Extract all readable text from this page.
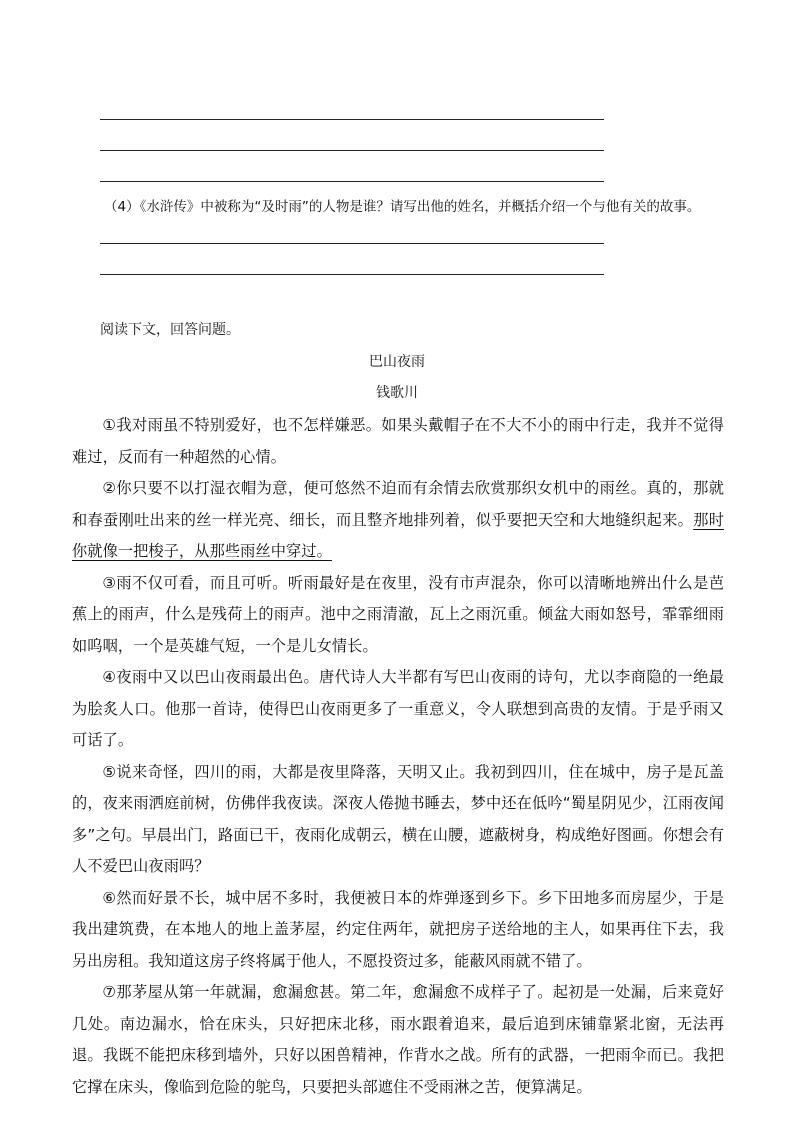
（4）《水浒传》中被称为“及时雨”的人物是谁？请写出他的姓名，并概括介绍一个与他有关的故事。
阅读下文，回答问题。
巴山夜雨
钱歌川

①我对雨虽不特别爱好，也不怎样嫌恶。如果头戴帽子在不大不小的雨中行走，我并不觉得难过，反而有一种超然的心情。

②你只要不以打湿衣帽为意，便可悠然不迫而有余情去欣赏那织女机中的雨丝。真的，那就和春蚕刚吐出来的丝一样光亮、细长，而且整齐地排列着，似乎要把天空和大地缝织起来。那时你就像一把梭子，从那些雨丝中穿过。

③雨不仅可看，而且可听。听雨最好是在夜里，没有市声混杂，你可以清晰地辨出什么是芭蕉上的雨声，什么是残荷上的雨声。池中之雨清澈，瓦上之雨沉重。倾盆大雨如怒号，霏霏细雨如呜咽，一个是英雄气短，一个是儿女情长。

④夜雨中又以巴山夜雨最出色。唐代诗人大半都有写巴山夜雨的诗句，尤以李商隐的一绝最为脍炙人口。他那一首诗，使得巴山夜雨更多了一重意义，令人联想到高贵的友情。于是乎雨又可话了。

⑤说来奇怪，四川的雨，大都是夜里降落，天明又止。我初到四川，住在城中，房子是瓦盖的，夜来雨洒庭前树，仿佛伴我夜读。深夜人倦抛书睡去，梦中还在低吟“蜀星阴见少，江雨夜闻多”之句。早晨出门，路面已干，夜雨化成朝云，横在山腰，遮蔽树身，构成绝好图画。你想会有人不爱巴山夜雨吗？

⑥然而好景不长，城中居不多时，我便被日本的炸弹逐到乡下。乡下田地多而房屋少，于是我出建筑费，在本地人的地上盖茅屋，约定住两年，就把房子送给地的主人，如果再住下去，我另出房租。我知道这房子终将属于他人，不愿投资过多，能蔽风雨就不错了。

⑦那茅屋从第一年就漏，愈漏愈甚。第二年，愈漏愈不成样子了。起初是一处漏，后来竟好几处。南边漏水，恰在床头，只好把床北移，雨水跟着追来，最后追到床铺靠紧北窗，无法再退。我既不能把床移到墙外，只好以困兽精神，作背水之战。所有的武器，一把雨伞而已。我把它撑在床头，像临到危险的鸵鸟，只要把头部遮住不受雨淋之苦，便算满足。
